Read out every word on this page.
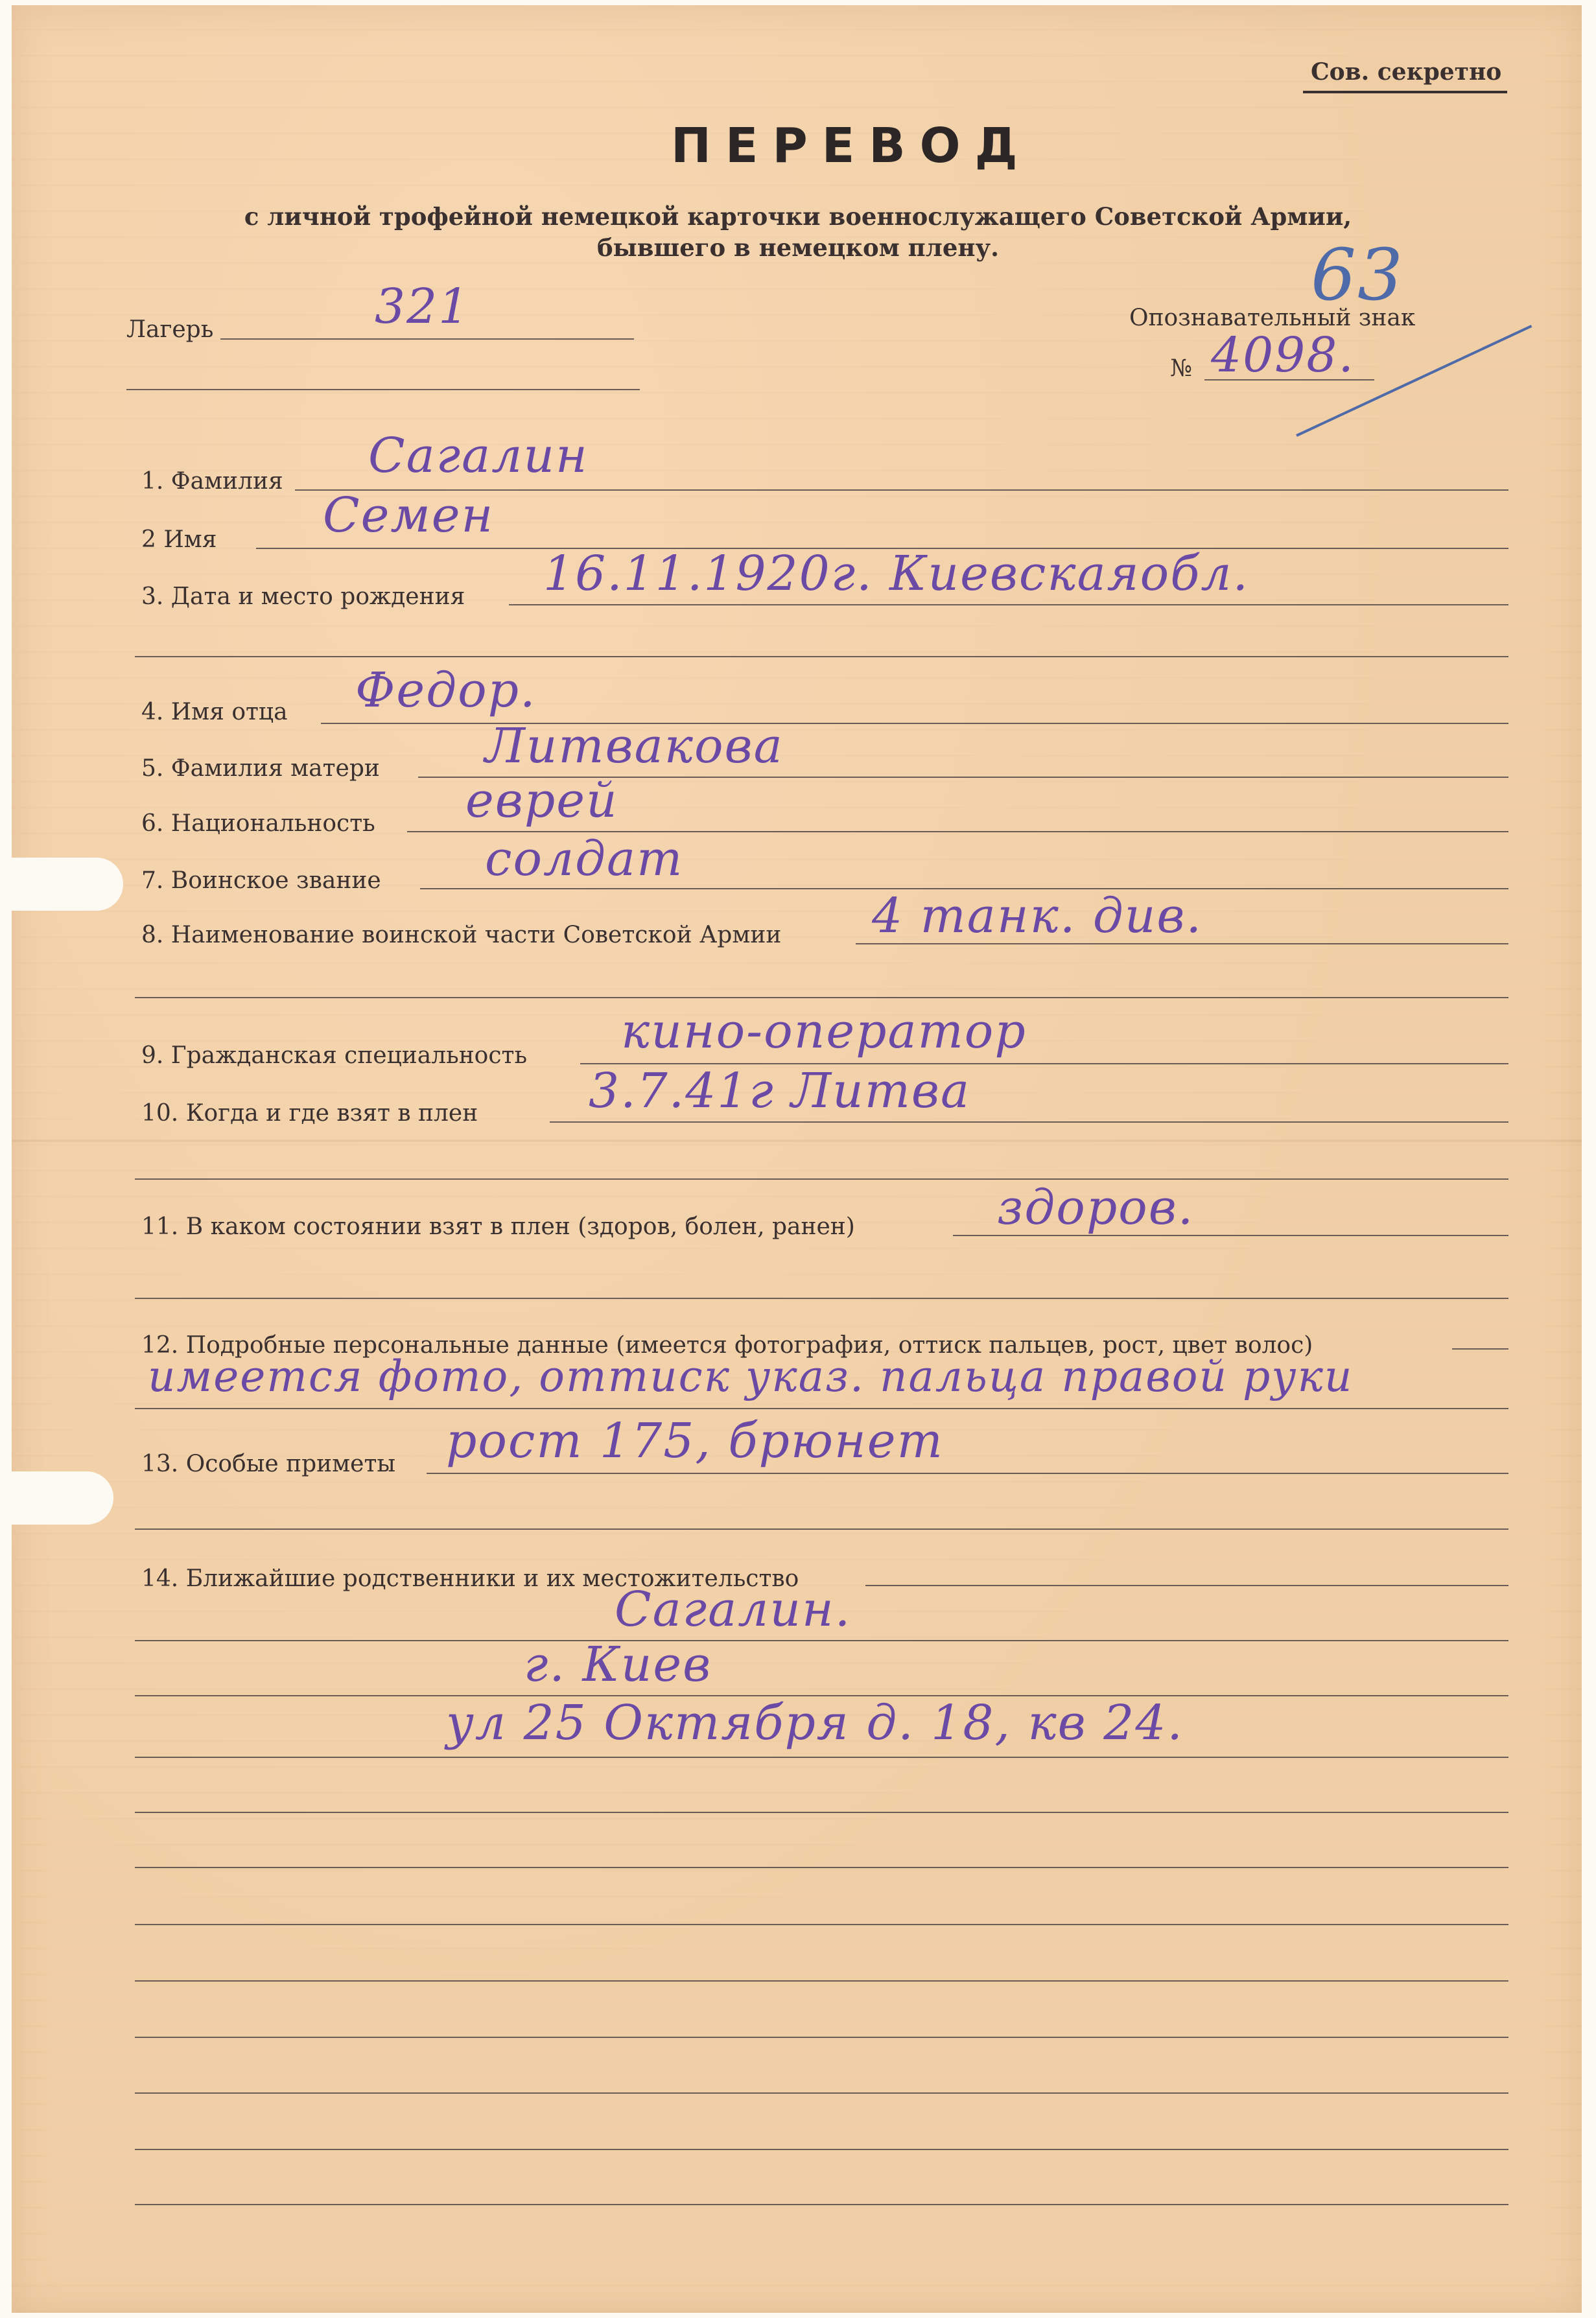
Сов. секретно
ПЕРЕВОД
с личной трофейной немецкой карточки военнослужащего Советской Армии,
бывшего в немецком плену.
Лагерь	321	Опознавательный знак
№ 4098.
63
1. Фамилия Сагалин
2 Имя Семен
3. Дата и место рождения 16.11.1920г. Киевскаяобл.
4. Имя отца Федор.
5. Фамилия матери Литвакова
6. Национальность еврей
7. Воинское звание солдат
8. Наименование воинской части Советской Армии 4 танк. див.
9. Гражданская специальность кино-оператор
10. Когда и где взят в плен 3.7.41г Литва
11. В каком состоянии взят в плен (здоров, болен, ранен)	здоров.
12. Подробные персональные данные (имеется фотография, оттиск пальцев, рост, цвет волос)
имеется фото, оттиск указ. пальца правой руки
13. Особые приметы рост 175, брюнет
14. Ближайшие родственники и их местожительство
Сагалин.
г. Киев
ул 25 Октября д. 18, кв 24.
